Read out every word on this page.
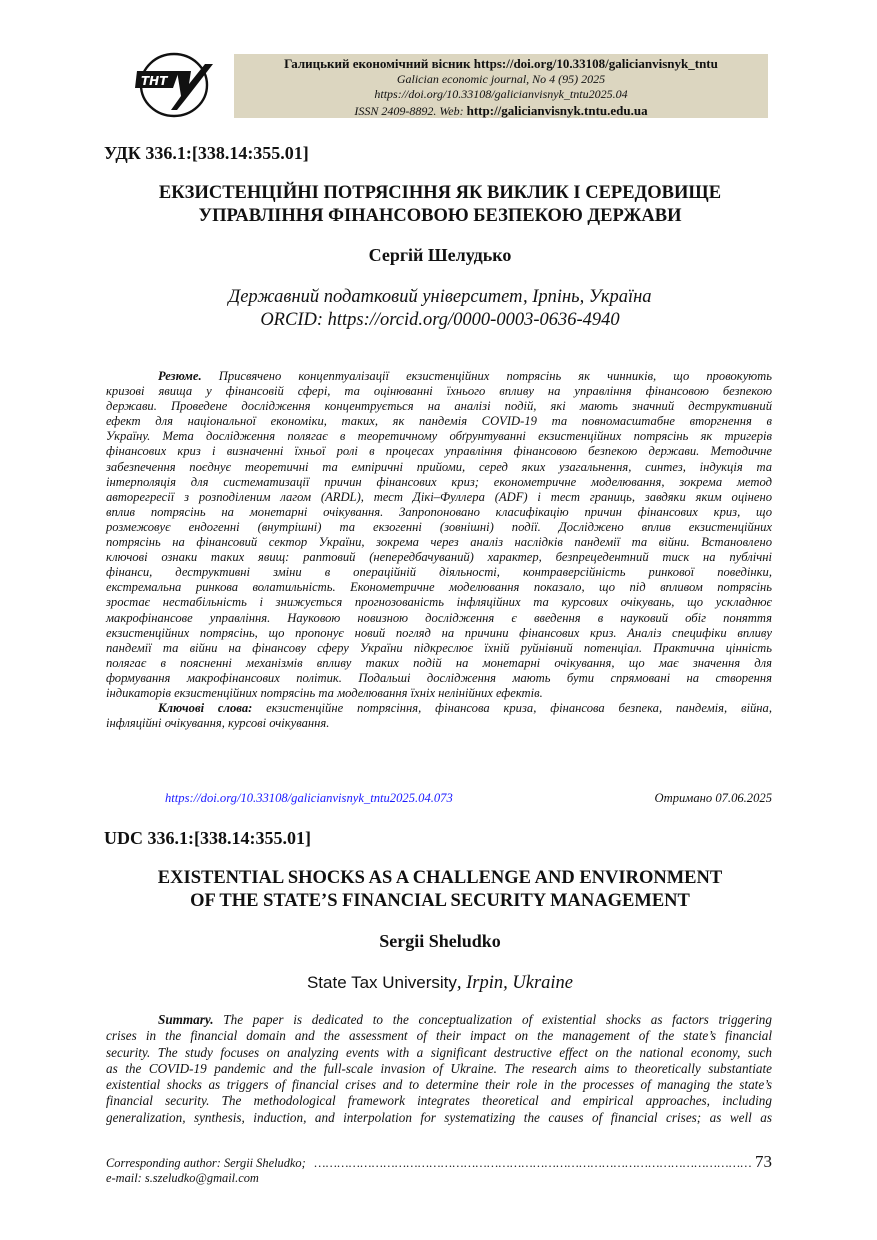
ТНТ
Галицький економічний вісник https://doi.org/10.33108/galicianvisnyk_tntu
Galician economic journal, No 4 (95) 2025
https://doi.org/10.33108/galicianvisnyk_tntu2025.04
ISSN 2409-8892. Web: http://galicianvisnyk.tntu.edu.ua
УДК 336.1:[338.14:355.01]
ЕКЗИСТЕНЦІЙНІ ПОТРЯСІННЯ ЯК ВИКЛИК І СЕРЕДОВИЩЕ
УПРАВЛІННЯ ФІНАНСОВОЮ БЕЗПЕКОЮ ДЕРЖАВИ
Сергій Шелудько
Державний податковий університет, Ірпінь, Україна
ORCID: https://orcid.org/0000-0003-0636-4940
Резюме. Присвячено концептуалізації екзистенційних потрясінь як чинників, що провокують
кризові явища у фінансовій сфері, та оцінюванні їхнього впливу на управління фінансовою безпекою
держави. Проведене дослідження концентрується на аналізі подій, які мають значний деструктивний
ефект для національної економіки, таких, як пандемія COVID-19 та повномасштабне вторгнення в
Україну. Мета дослідження полягає в теоретичному обґрунтуванні екзистенційних потрясінь як тригерів
фінансових криз і визначенні їхньої ролі в процесах управління фінансовою безпекою держави. Методичне
забезпечення поєднує теоретичні та емпіричні прийоми, серед яких узагальнення, синтез, індукція та
інтерполяція для систематизації причин фінансових криз; економетричне моделювання, зокрема метод
авторегресії з розподіленим лагом (ARDL), тест Дікі–Фуллера (ADF) і тест границь, завдяки яким оцінено
вплив потрясінь на монетарні очікування. Запропоновано класифікацію причин фінансових криз, що
розмежовує ендогенні (внутрішні) та екзогенні (зовнішні) події. Досліджено вплив екзистенційних
потрясінь на фінансовий сектор України, зокрема через аналіз наслідків пандемії та війни. Встановлено
ключові ознаки таких явищ: раптовий (непередбачуваний) характер, безпрецедентний тиск на публічні
фінанси, деструктивні зміни в операційній діяльності, контраверсійність ринкової поведінки,
екстремальна ринкова волатильність. Економетричне моделювання показало, що під впливом потрясінь
зростає нестабільність і знижується прогнозованість інфляційних та курсових очікувань, що ускладнює
макрофінансове управління. Науковою новизною дослідження є введення в науковий обіг поняття
екзистенційних потрясінь, що пропонує новий погляд на причини фінансових криз. Аналіз специфіки впливу
пандемії та війни на фінансову сферу України підкреслює їхній руйнівний потенціал. Практична цінність
полягає в поясненні механізмів впливу таких подій на монетарні очікування, що має значення для
формування макрофінансових політик. Подальші дослідження мають бути спрямовані на створення
індикаторів екзистенційних потрясінь та моделювання їхніх нелінійних ефектів.
Ключові слова: екзистенційне потрясіння, фінансова криза, фінансова безпека, пандемія, війна,
інфляційні очікування, курсові очікування.
https://doi.org/10.33108/galicianvisnyk_tntu2025.04.073	Отримано 07.06.2025
UDC 336.1:[338.14:355.01]
EXISTENTIAL SHOCKS AS A CHALLENGE AND ENVIRONMENT
OF THE STATE’S FINANCIAL SECURITY MANAGEMENT
Sergii Sheludko
State Tax University, Irpin, Ukraine
Summary. The paper is dedicated to the conceptualization of existential shocks as factors triggering
crises in the financial domain and the assessment of their impact on the management of the state’s financial
security. The study focuses on analyzing events with a significant destructive effect on the national economy, such
as the COVID-19 pandemic and the full-scale invasion of Ukraine. The research aims to theoretically substantiate
existential shocks as triggers of financial crises and to determine their role in the processes of managing the state’s
financial security. The methodological framework integrates theoretical and empirical approaches, including
generalization, synthesis, induction, and interpolation for systematizing the causes of financial crises; as well as
Corresponding author: Sergii Sheludko; e-mail: s.szeludko@gmail.com
…………………………………………………………………………………………………… 73
